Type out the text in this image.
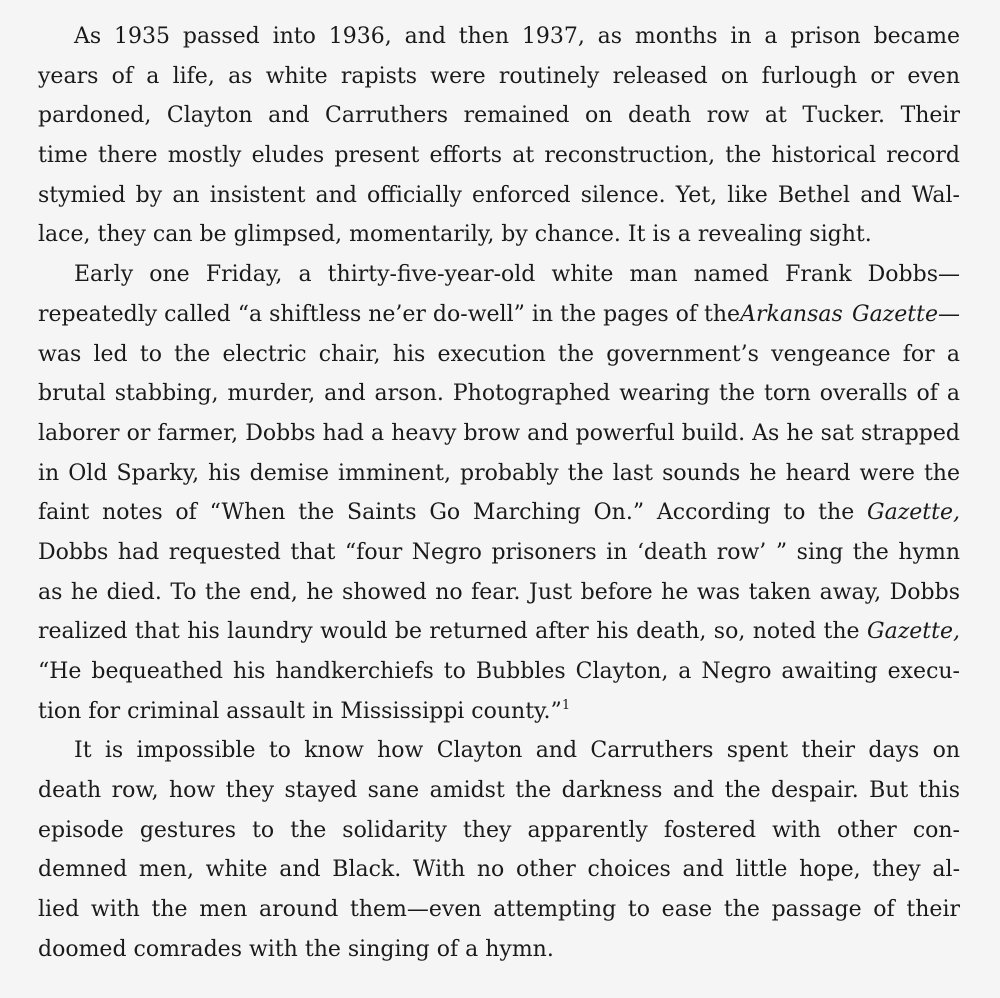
As 1935 passed into 1936, and then 1937, as months in a prison became
years of a life, as white rapists were routinely released on furlough or even
pardoned, Clayton and Carruthers remained on death row at Tucker. Their
time there mostly eludes present efforts at reconstruction, the historical record
stymied by an insistent and officially enforced silence. Yet, like Bethel and Wal-
lace, they can be glimpsed, momentarily, by chance. It is a revealing sight.
Early one Friday, a thirty-five-year-old white man named Frank Dobbs—
repeatedly called “a shiftless ne’er do-well” in the pages of theArkansas Gazette—
was led to the electric chair, his execution the government’s vengeance for a
brutal stabbing, murder, and arson. Photographed wearing the torn overalls of a
laborer or farmer, Dobbs had a heavy brow and powerful build. As he sat strapped
in Old Sparky, his demise imminent, probably the last sounds he heard were the
faint notes of “When the Saints Go Marching On.” According to the Gazette,
Dobbs had requested that “four Negro prisoners in ‘death row’ ” sing the hymn
as he died. To the end, he showed no fear. Just before he was taken away, Dobbs
realized that his laundry would be returned after his death, so, noted the Gazette,
“He bequeathed his handkerchiefs to Bubbles Clayton, a Negro awaiting execu-
tion for criminal assault in Mississippi county.”$^1$
It is impossible to know how Clayton and Carruthers spent their days on
death row, how they stayed sane amidst the darkness and the despair. But this
episode gestures to the solidarity they apparently fostered with other con-
demned men, white and Black. With no other choices and little hope, they al-
lied with the men around them—even attempting to ease the passage of their
doomed comrades with the singing of a hymn.
